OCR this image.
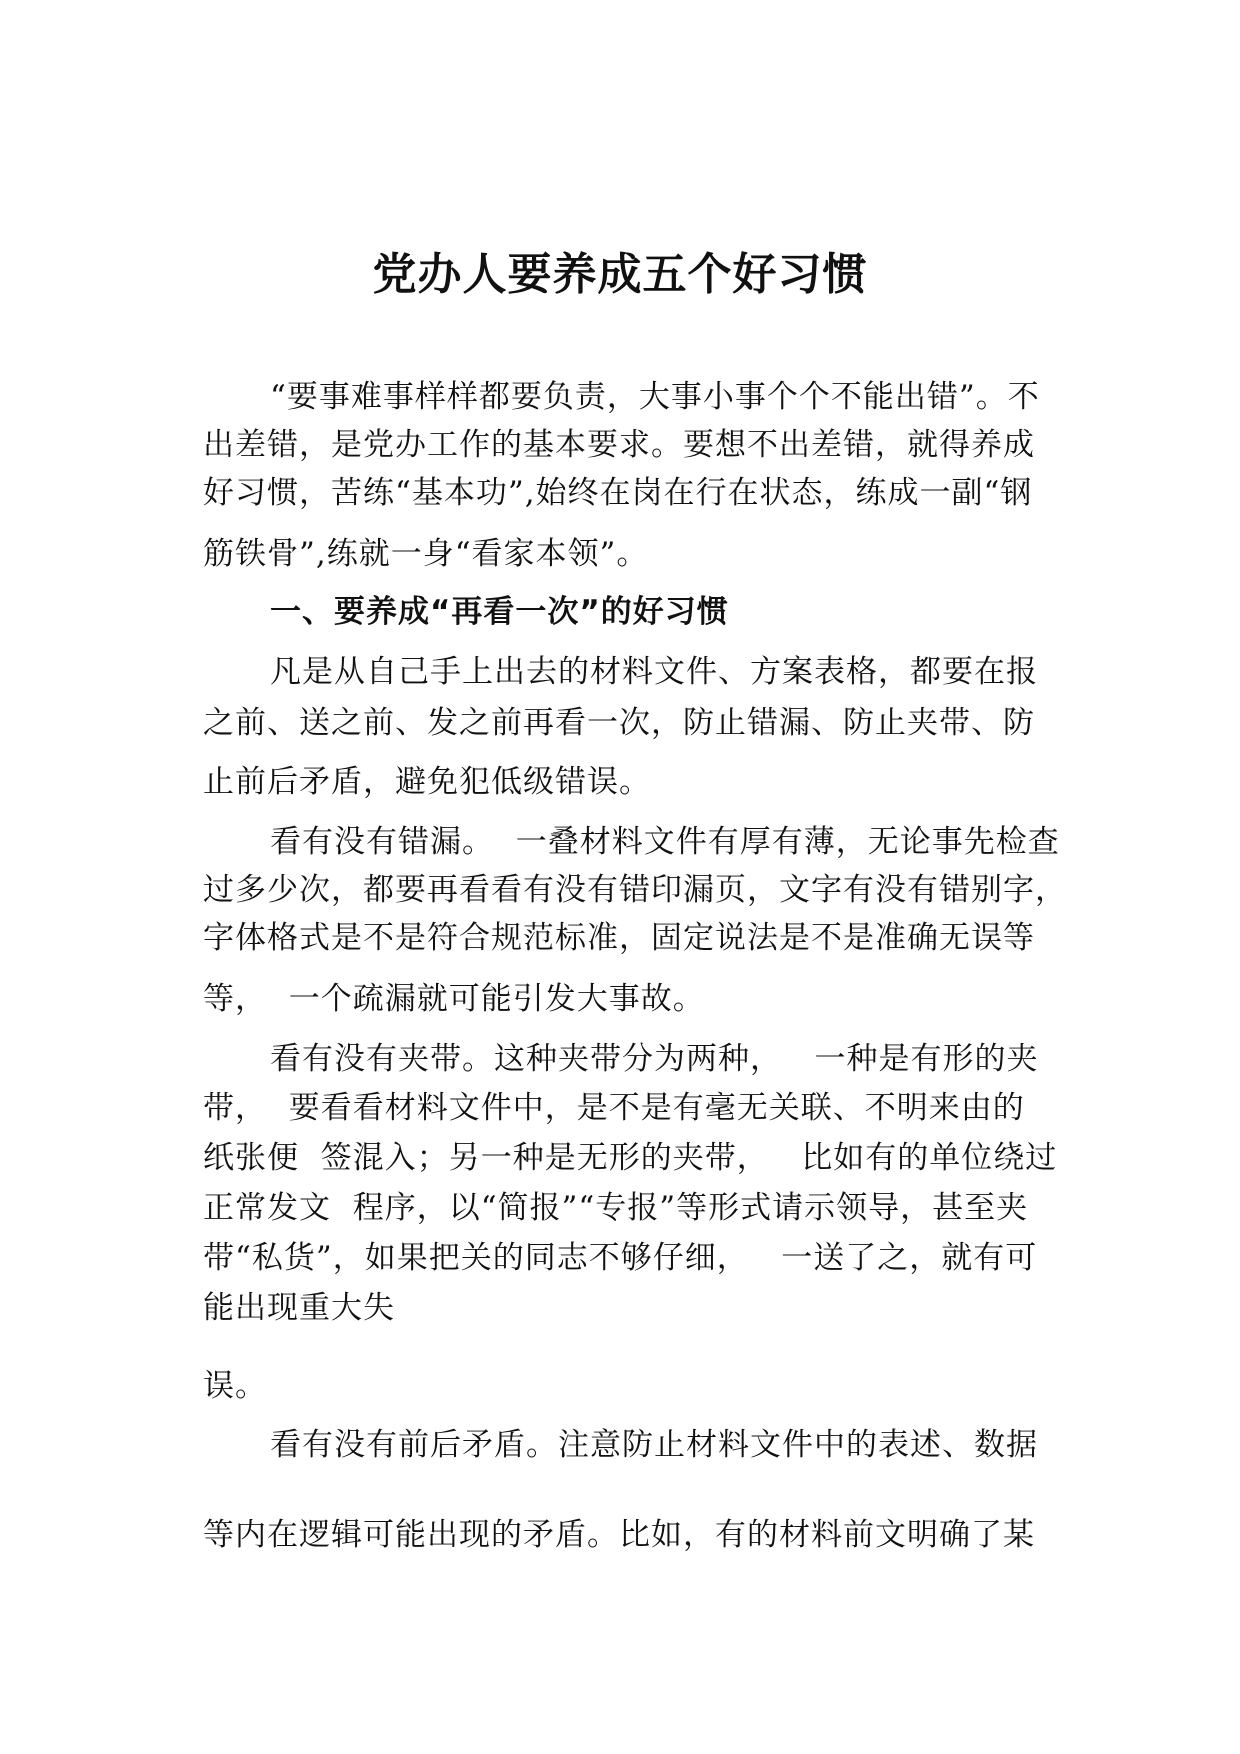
党办人要养成五个好习惯
“要事难事样样都要负责，大事小事个个不能出错”。不
出差错，是党办工作的基本要求。要想不出差错，就得养成
好习惯，苦练“基本功”,始终在岗在行在状态，练成一副“钢
筋铁骨”,练就一身“看家本领”。
一、要养成“再看一次”的好习惯
凡是从自己手上出去的材料文件、方案表格，都要在报
之前、送之前、发之前再看一次，防止错漏、防止夹带、防
止前后矛盾，避免犯低级错误。
看有没有错漏。  一叠材料文件有厚有薄，无论事先检查
过多少次，都要再看看有没有错印漏页，文字有没有错别字，
字体格式是不是符合规范标准，固定说法是不是准确无误等
等，  一个疏漏就可能引发大事故。
看有没有夹带。这种夹带分为两种，   一种是有形的夹
带，  要看看材料文件中，是不是有毫无关联、不明来由的
纸张便  签混入；另一种是无形的夹带，   比如有的单位绕过
正常发文  程序，以“简报”“专报”等形式请示领导，甚至夹
带“私货”，如果把关的同志不够仔细，   一送了之，就有可
能出现重大失
误。
看有没有前后矛盾。注意防止材料文件中的表述、数据
等内在逻辑可能出现的矛盾。比如，有的材料前文明确了某
